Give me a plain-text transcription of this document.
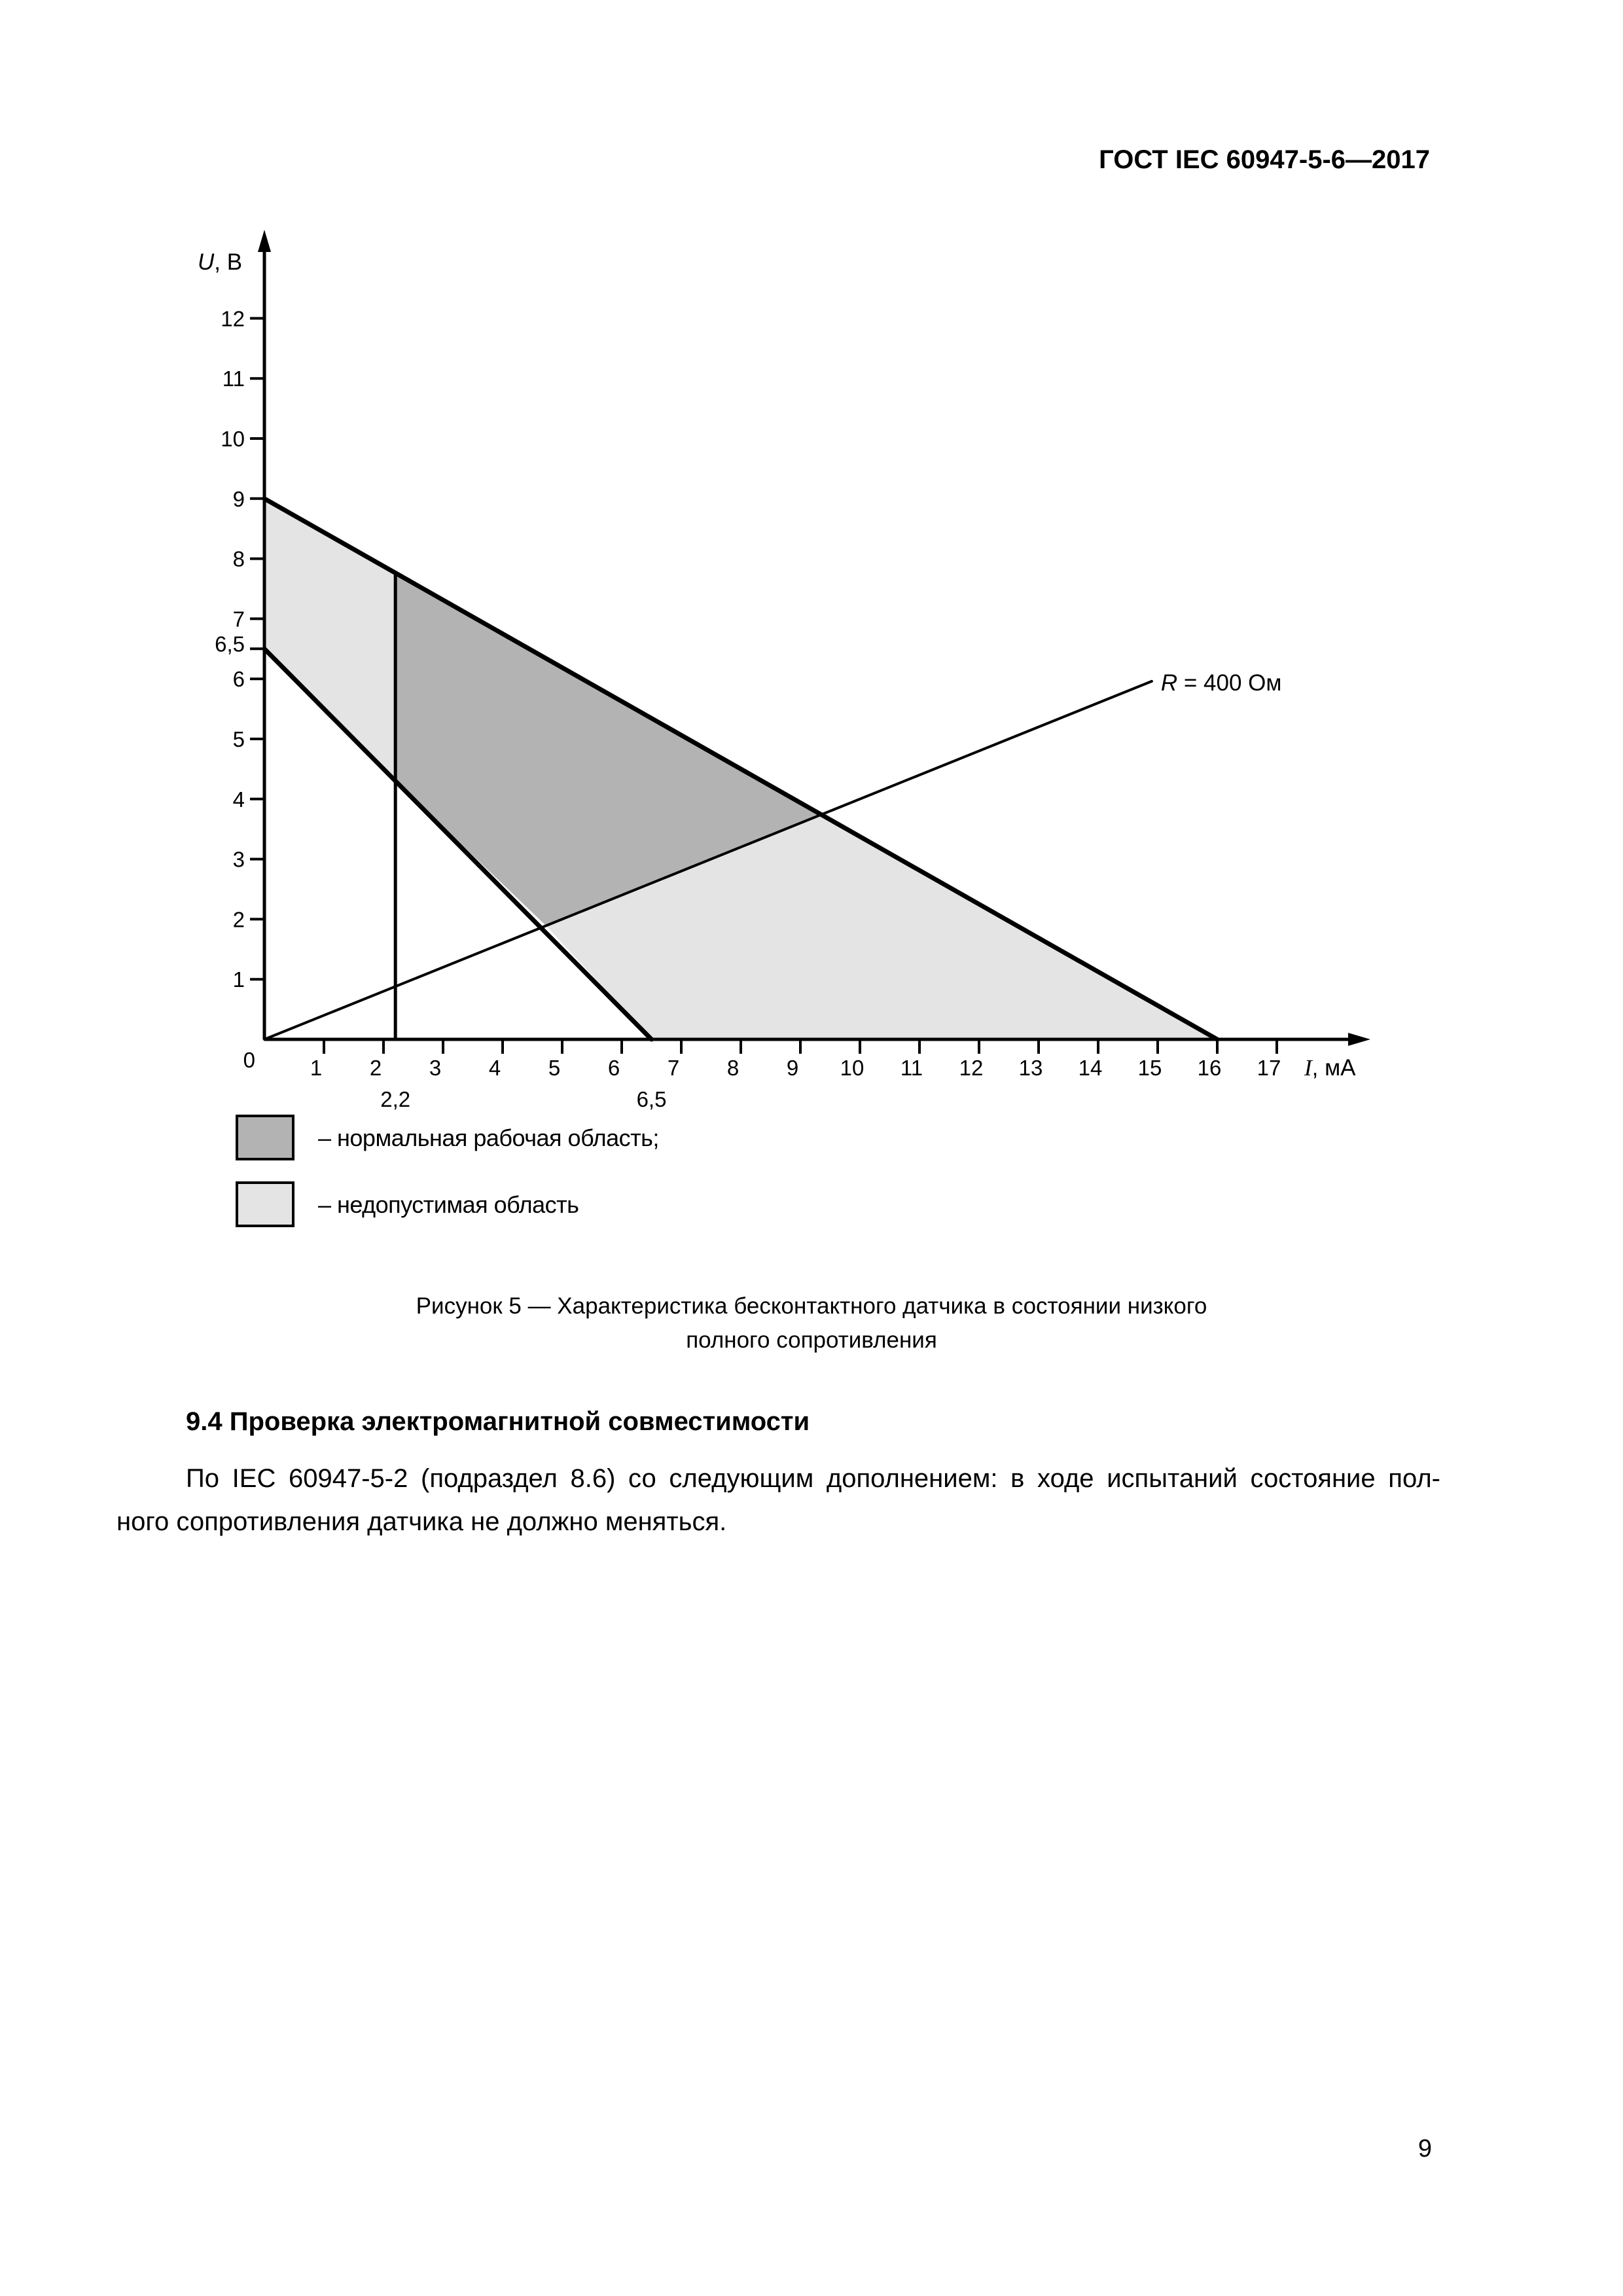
ГОСТ IEC 60947-5-6—2017
1 2 3 4 5 6 7 8 9 10 11 12 13 14 15 16 17
1
2
3
4
5
6
7
8
9
10
11
12
0
2,2	6,5
6,5
U, В
I, мА
R = 400 Ом
– нормальная рабочая область;
– недопустимая область
Рисунок 5 — Характеристика бесконтактного датчика в состоянии низкого
полного сопротивления
9.4 Проверка электромагнитной совместимости
По IEC 60947-5-2 (подраздел 8.6) со следующим дополнением: в ходе испытаний состояние пол-
ного сопротивления датчика не должно меняться.
9
